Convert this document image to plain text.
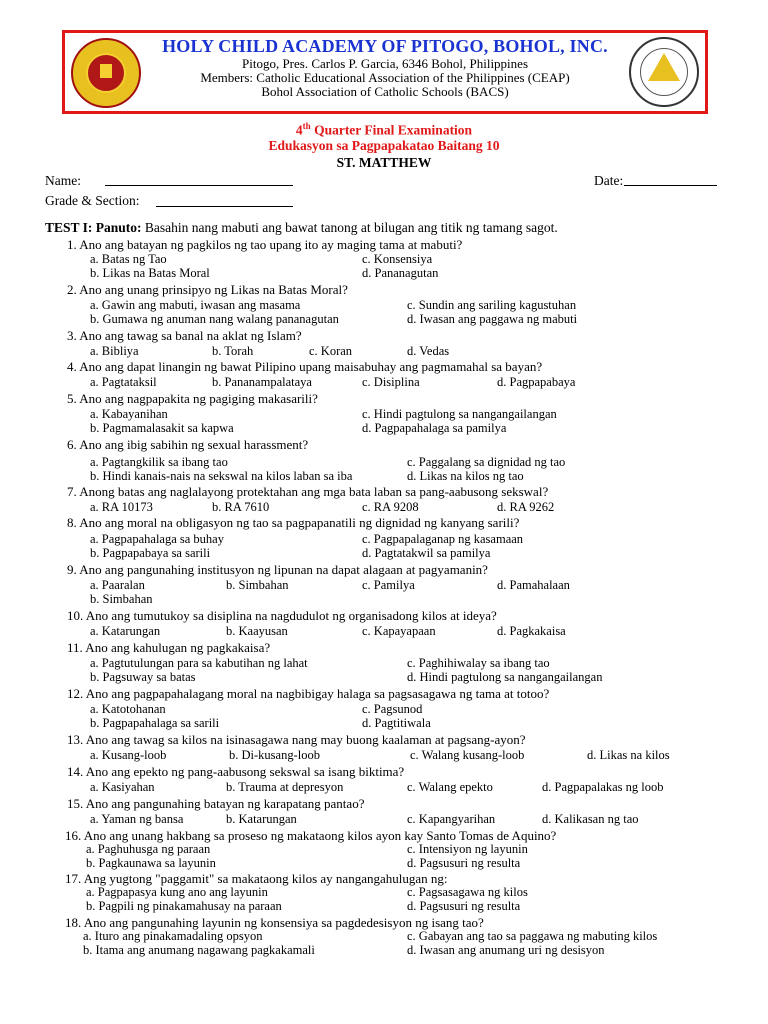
HOLY CHILD ACADEMY OF PITOGO, BOHOL, INC.
Pitogo, Pres. Carlos P. Garcia, 6346 Bohol, Philippines
Members: Catholic Educational Association of the Philippines (CEAP)
Bohol Association of Catholic Schools (BACS)
4th Quarter Final Examination
Edukasyon sa Pagpapakatao Baitang 10
ST. MATTHEW
Name:	Date:
Grade & Section:
TEST I: Panuto: Basahin nang mabuti ang bawat tanong at bilugan ang titik ng tamang sagot.
1. Ano ang batayan ng pagkilos ng tao upang ito ay maging tama at mabuti?
a. Batas ng Tao	c. Konsensiya
b. Likas na Batas Moral	d. Pananagutan
2. Ano ang unang prinsipyo ng Likas na Batas Moral?
a. Gawin ang mabuti, iwasan ang masama	c. Sundin ang sariling kagustuhan
b. Gumawa ng anuman nang walang pananagutan	d. Iwasan ang paggawa ng mabuti
3. Ano ang tawag sa banal na aklat ng Islam?
a. Bibliya	b. Torah	c. Koran	d. Vedas
4. Ano ang dapat linangin ng bawat Pilipino upang maisabuhay ang pagmamahal sa bayan?
a. Pagtataksil	b. Pananampalataya	c. Disiplina	d. Pagpapabaya
5. Ano ang nagpapakita ng pagiging makasarili?
a. Kabayanihan	c. Hindi pagtulong sa nangangailangan
b. Pagmamalasakit sa kapwa	d. Pagpapahalaga sa pamilya
6. Ano ang ibig sabihin ng sexual harassment?
a. Pagtangkilik sa ibang tao	c. Paggalang sa dignidad ng tao
b. Hindi kanais-nais na sekswal na kilos laban sa iba	d. Likas na kilos ng tao
7. Anong batas ang naglalayong protektahan ang mga bata laban sa pang-aabusong sekswal?
a. RA 10173	b. RA 7610	c. RA 9208	d. RA 9262
8. Ano ang moral na obligasyon ng tao sa pagpapanatili ng dignidad ng kanyang sarili?
a. Pagpapahalaga sa buhay	c. Pagpapalaganap ng kasamaan
b. Pagpapabaya sa sarili	d. Pagtatakwil sa pamilya
9. Ano ang pangunahing institusyon ng lipunan na dapat alagaan at pagyamanin?
a. Paaralan	b. Simbahan	c. Pamilya	d. Pamahalaan
b. Simbahan
10. Ano ang tumutukoy sa disiplina na nagdudulot ng organisadong kilos at ideya?
a. Katarungan	b. Kaayusan	c. Kapayapaan	d. Pagkakaisa
11. Ano ang kahulugan ng pagkakaisa?
a. Pagtutulungan para sa kabutihan ng lahat	c. Paghihiwalay sa ibang tao
b. Pagsuway sa batas	d. Hindi pagtulong sa nangangailangan
12. Ano ang pagpapahalagang moral na nagbibigay halaga sa pagsasagawa ng tama at totoo?
a. Katotohanan	c. Pagsunod
b. Pagpapahalaga sa sarili	d. Pagtitiwala
13. Ano ang tawag sa kilos na isinasagawa nang may buong kaalaman at pagsang-ayon?
a. Kusang-loob	b. Di-kusang-loob	c. Walang kusang-loob	d. Likas na kilos
14. Ano ang epekto ng pang-aabusong sekswal sa isang biktima?
a. Kasiyahan	b. Trauma at depresyon	c. Walang epekto	d. Pagpapalakas ng loob
15. Ano ang pangunahing batayan ng karapatang pantao?
a. Yaman ng bansa	b. Katarungan	c. Kapangyarihan	d. Kalikasan ng tao
16. Ano ang unang hakbang sa proseso ng makataong kilos ayon kay Santo Tomas de Aquino?
a. Paghuhusga ng paraan	c. Intensiyon ng layunin
b. Pagkaunawa sa layunin	d. Pagsusuri ng resulta
17. Ang yugtong "paggamit" sa makataong kilos ay nangangahulugan ng:
a. Pagpapasya kung ano ang layunin	c. Pagsasagawa ng kilos
b. Pagpili ng pinakamahusay na paraan	d. Pagsusuri ng resulta
18. Ano ang pangunahing layunin ng konsensiya sa pagdedesisyon ng isang tao?
a. Ituro ang pinakamadaling opsyon	c. Gabayan ang tao sa paggawa ng mabuting kilos
b. Itama ang anumang nagawang pagkakamali	d. Iwasan ang anumang uri ng desisyon
